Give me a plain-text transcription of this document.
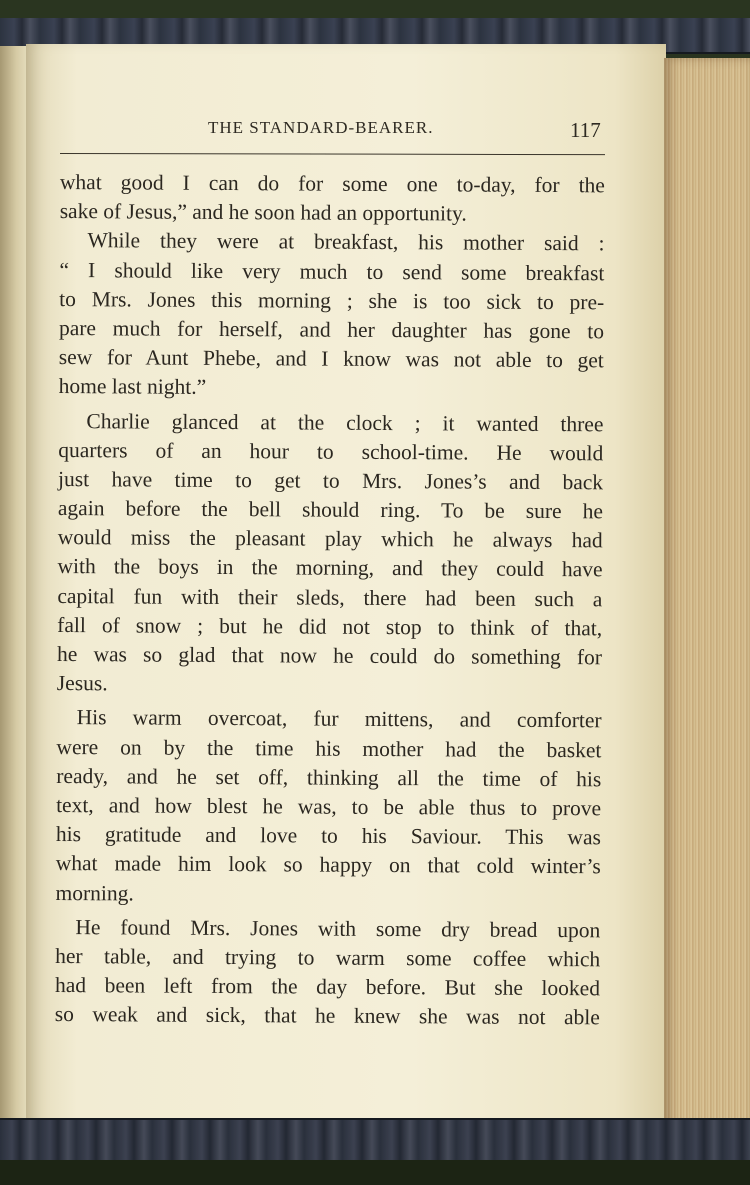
THE STANDARD-BEARER.	117
what good I can do for some one to-day, for the
sake of Jesus,” and he soon had an opportunity.
While they were at breakfast, his mother said :
“ I should like very much to send some breakfast
to Mrs. Jones this morning ; she is too sick to pre-
pare much for herself, and her daughter has gone to
sew for Aunt Phebe, and I know was not able to get
home last night.”
Charlie glanced at the clock ; it wanted three
quarters of an hour to school-time. He would
just have time to get to Mrs. Jones’s and back
again before the bell should ring. To be sure he
would miss the pleasant play which he always had
with the boys in the morning, and they could have
capital fun with their sleds, there had been such a
fall of snow ; but he did not stop to think of that,
he was so glad that now he could do something for
Jesus.
His warm overcoat, fur mittens, and comforter
were on by the time his mother had the basket
ready, and he set off, thinking all the time of his
text, and how blest he was, to be able thus to prove
his gratitude and love to his Saviour. This was
what made him look so happy on that cold winter’s
morning.
He found Mrs. Jones with some dry bread upon
her table, and trying to warm some coffee which
had been left from the day before. But she looked
so weak and sick, that he knew she was not able
